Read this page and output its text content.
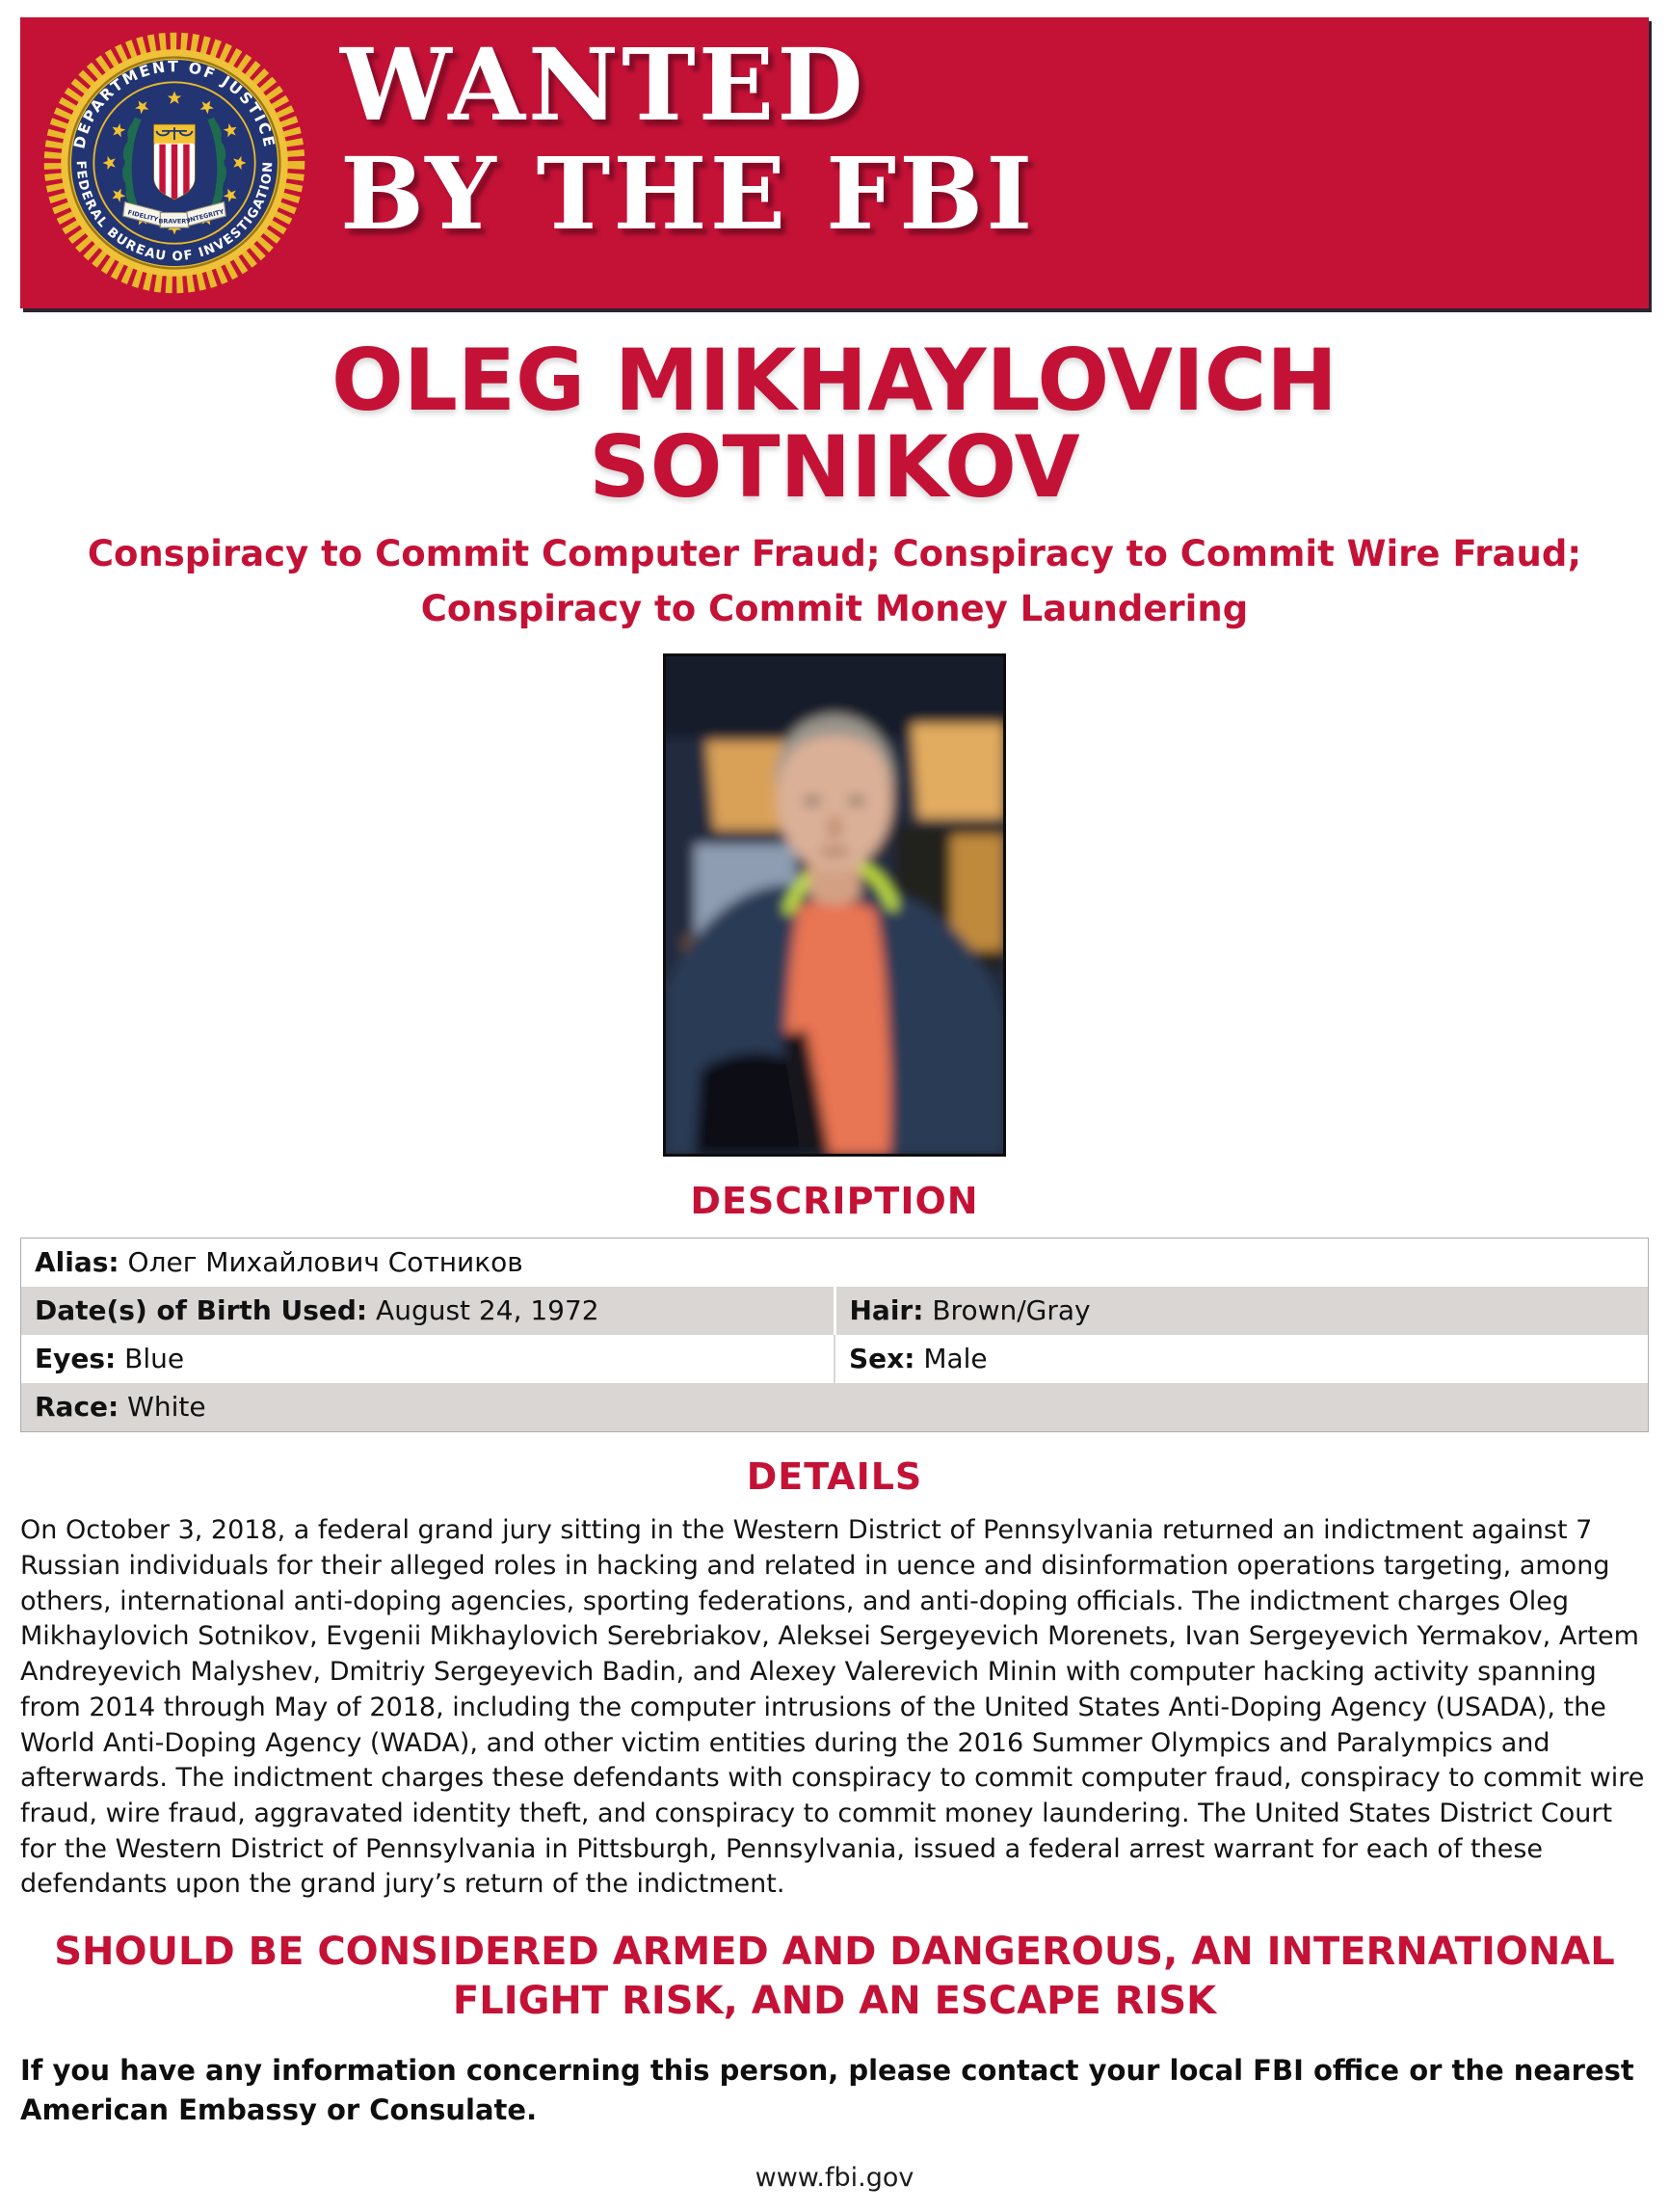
DEPARTMENT OF JUSTICE
FEDERAL BUREAU OF INVESTIGATION
FIDELITY BRAVERY
INTEGRITY
WANTED
BY THE FBI
OLEG MIKHAYLOVICH SOTNIKOV
Conspiracy to Commit Computer Fraud; Conspiracy to Commit Wire Fraud; Conspiracy to Commit Money Laundering
DESCRIPTION
Alias: Олег Михайлович Сотников	
Date(s) of Birth Used: August 24, 1972	Hair: Brown/Gray
Eyes: Blue	Sex: Male
Race: White	
DETAILS

On October 3, 2018, a federal grand jury sitting in the Western District of Pennsylvania returned an indictment against 7 Russian individuals for their alleged roles in hacking and related in uence and disinformation operations targeting, among others, international anti-doping agencies, sporting federations, and anti-doping officials. The indictment charges Oleg Mikhaylovich Sotnikov, Evgenii Mikhaylovich Serebriakov, Aleksei Sergeyevich Morenets, Ivan Sergeyevich Yermakov, Artem Andreyevich Malyshev, Dmitriy Sergeyevich Badin, and Alexey Valerevich Minin with computer hacking activity spanning from 2014 through May of 2018, including the computer intrusions of the United States Anti-Doping Agency (USADA), the World Anti-Doping Agency (WADA), and other victim entities during the 2016 Summer Olympics and Paralympics and afterwards. The indictment charges these defendants with conspiracy to commit computer fraud, conspiracy to commit wire fraud, wire fraud, aggravated identity theft, and conspiracy to commit money laundering. The United States District Court for the Western District of Pennsylvania in Pittsburgh, Pennsylvania, issued a federal arrest warrant for each of these defendants upon the grand jury’s return of the indictment.

SHOULD BE CONSIDERED ARMED AND DANGEROUS, AN INTERNATIONAL FLIGHT RISK, AND AN ESCAPE RISK

If you have any information concerning this person, please contact your local FBI office or the nearest American Embassy or Consulate.

www.fbi.gov
